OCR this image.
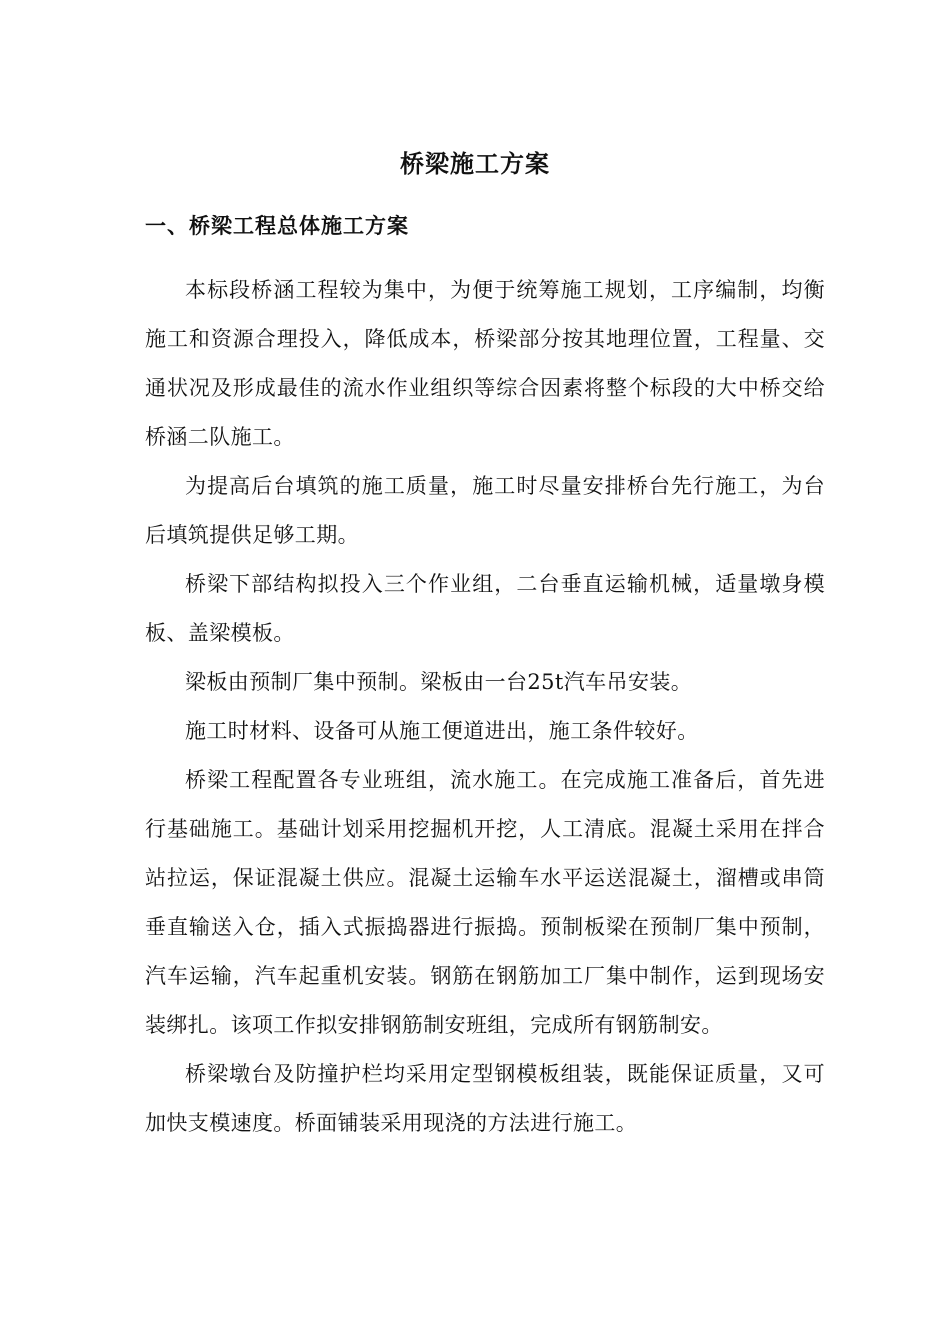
桥梁施工方案
一、桥梁工程总体施工方案

本标段桥涵工程较为集中，为便于统筹施工规划，工序编制，均衡施工和资源合理投入，降低成本，桥梁部分按其地理位置，工程量、交通状况及形成最佳的流水作业组织等综合因素将整个标段的大中桥交给桥涵二队施工。

为提高后台填筑的施工质量，施工时尽量安排桥台先行施工，为台后填筑提供足够工期。

桥梁下部结构拟投入三个作业组，二台垂直运输机械，适量墩身模板、盖梁模板。

梁板由预制厂集中预制。梁板由一台25t汽车吊安装。

施工时材料、设备可从施工便道进出，施工条件较好。

桥梁工程配置各专业班组，流水施工。在完成施工准备后，首先进行基础施工。基础计划采用挖掘机开挖，人工清底。混凝土采用在拌合站拉运，保证混凝土供应。混凝土运输车水平运送混凝土，溜槽或串筒垂直输送入仓，插入式振捣器进行振捣。预制板梁在预制厂集中预制，汽车运输，汽车起重机安装。钢筋在钢筋加工厂集中制作，运到现场安装绑扎。该项工作拟安排钢筋制安班组，完成所有钢筋制安。

桥梁墩台及防撞护栏均采用定型钢模板组装，既能保证质量，又可加快支模速度。桥面铺装采用现浇的方法进行施工。
